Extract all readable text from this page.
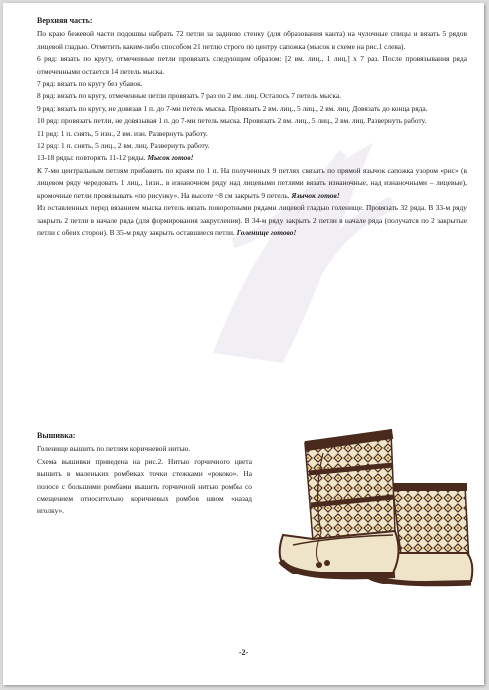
Верхняя часть:

По краю бежевой части подошвы набрать 72 петли за заднюю стенку (для образования канта) на чулочные спицы и вязать 5 рядов лицевой гладью. Отметить каким-либо способом 21 петлю строго по центру сапожка (мысок в схеме на рис.1 слева).

6 ряд: вязать по кругу, отмеченные петли провязать следующим образом: [2 вм. лиц., 1 лиц.] х 7 раз. После провязывания ряда отмеченными остается 14 петель мыска.

7 ряд: вязать по кругу без убавок.

8 ряд: вязать по кругу, отмеченные петли провязать 7 раз по 2 вм. лиц. Осталось 7 петель мыска.

9 ряд: вязать по кругу, не довязав 1 п. до 7-ми петель мыска. Провязать 2 вм. лиц., 5 лиц., 2 вм. лиц. Довязать до конца ряда.

10 ряд: провязать петли, не довязывая 1 п. до 7-ми петель мыска. Провязать 2 вм. лиц., 5 лиц., 2 вм. лиц. Развернуть работу.

11 ряд: 1 п. снять, 5 изн., 2 вм. изн. Развернуть работу.

12 ряд: 1 п. снять, 5 лиц., 2 вм. лиц. Развернуть работу.

13-18 ряды: повторять 11-12 ряды. Мысок готов!

К 7-ми центральным петлям прибавить по краям по 1 п. На полученных 9 петлях связать по прямой язычок сапожка узором «рис» (в лицевом ряду чередовать 1 лиц., 1изн., в изнаночном ряду над лицевыми петлями вязать изнаночные, над изнаночными – лицевые), кромочные петли провязывать «по рисунку». На высоте ~8 см закрыть 9 петель. Язычок готов!

Из оставленных перед вязанием мыска петель вязать поворотными рядами лицевой гладью голенище. Провязать 32 ряда. В 33-м ряду закрыть 2 петли в начале ряда (для формирования закругления). В 34-м ряду закрыть 2 петли в начале ряда (получатся по 2 закрытые петли с обеих сторон). В 35-м ряду закрыть оставшиеся петли. Голенище готово!

Вышивка:

Голенище вышить по петлям коричневой нитью.

Схема вышивки приведена на рис.2. Нитью горчичного цвета вышить в маленьких ромбиках точки стежками «рококо». На полосе с большими ромбами вышить горчичной нитью ромбы со смещением относительно коричневых ромбов швом «назад иголку».

-2-
